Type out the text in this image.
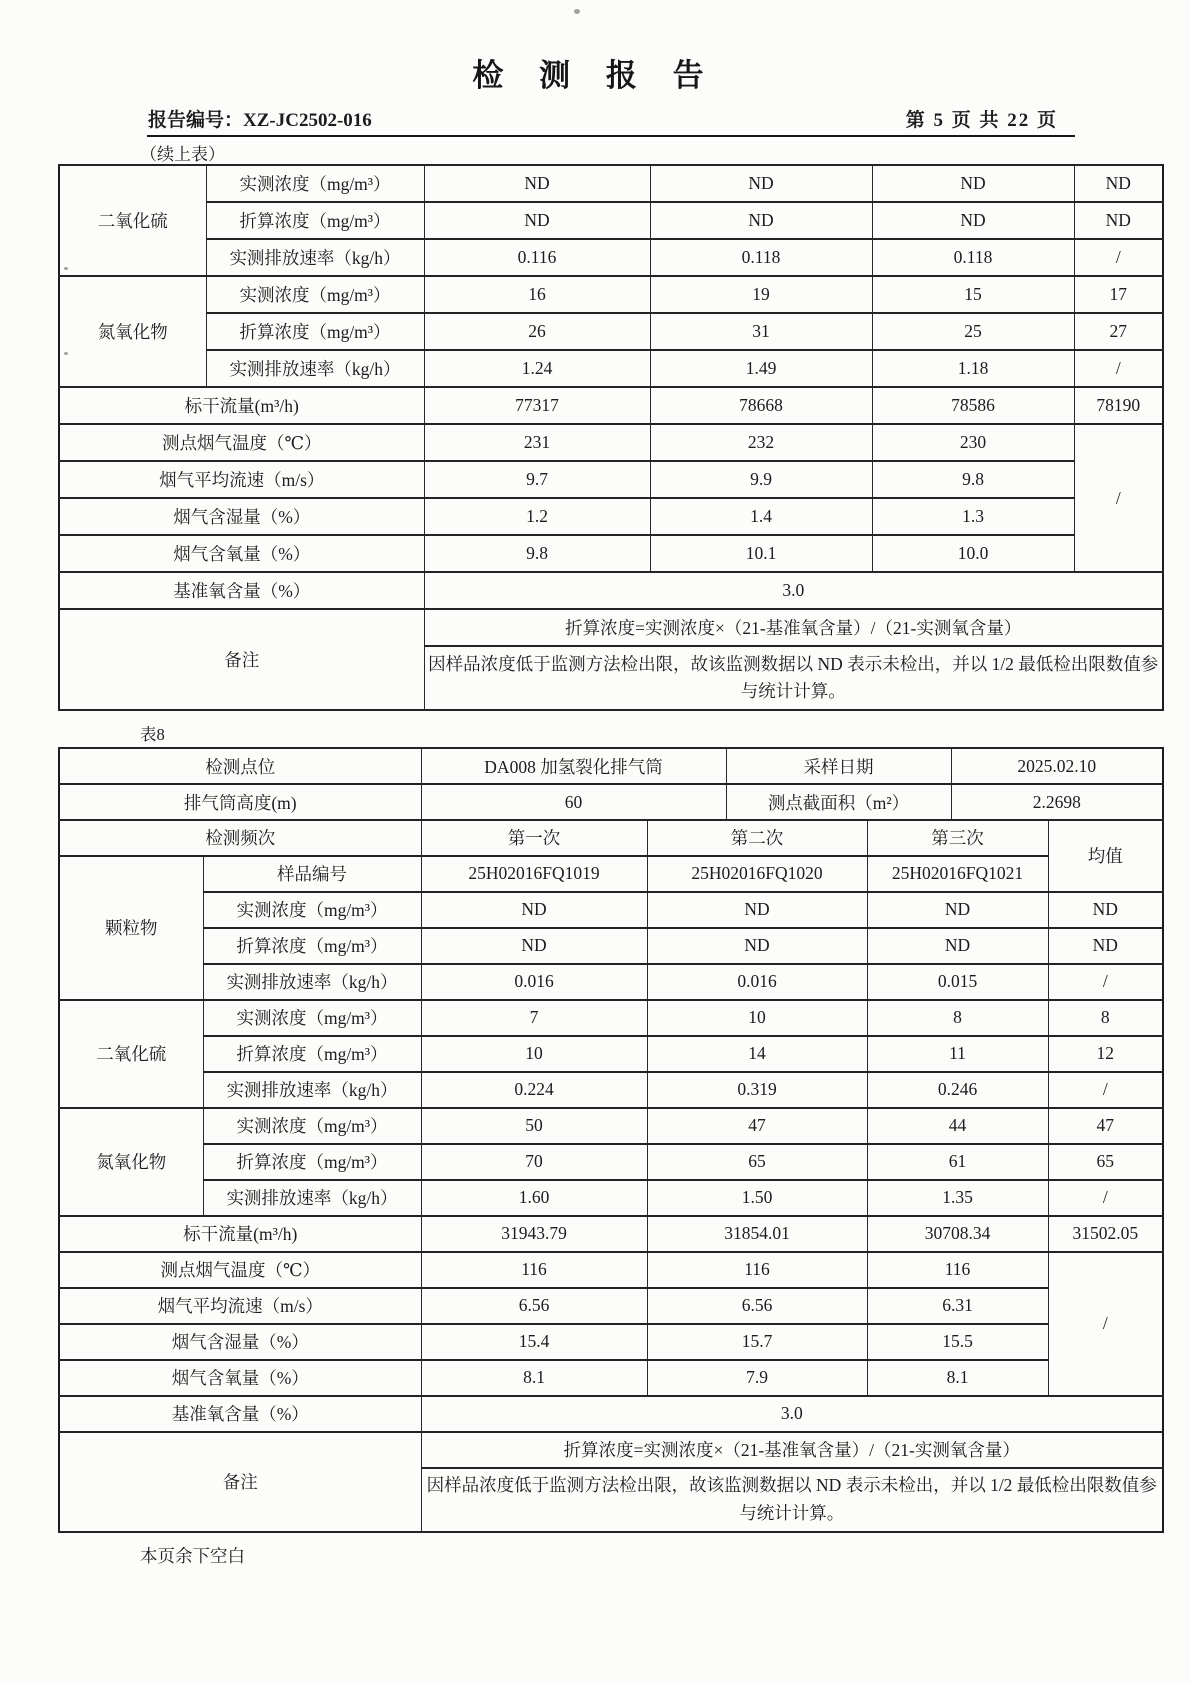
检 测 报 告
报告编号：XZ-JC2502-016	第 5 页 共 22 页
（续上表）
二氧化硫	实测浓度（mg/m³）	ND	ND	ND	ND
	折算浓度（mg/m³）	ND	ND	ND	ND
	实测排放速率（kg/h）	0.116	0.118	0.118	/
氮氧化物	实测浓度（mg/m³）	16	19	15	17
	折算浓度（mg/m³）	26	31	25	27
	实测排放速率（kg/h）	1.24	1.49	1.18	/
标干流量(m³/h)		77317	78668	78586	78190
测点烟气温度（℃）		231	232	230	/
烟气平均流速（m/s）		9.7	9.9	9.8	
烟气含湿量（%）		1.2	1.4	1.3	
烟气含氧量（%）		9.8	10.1	10.0	
基准氧含量（%）		3.0			
备注		折算浓度=实测浓度×（21-基准氧含量）/（21-实测氧含量）			
		因样品浓度低于监测方法检出限，故该监测数据以 ND 表示未检出，并以 1/2 最低检出限数值参与统计计算。			
表8
检测点位	DA008 加氢裂化排气筒	采样日期	2025.02.10
排气筒高度(m)	60	测点截面积（m²）	2.2698
检测频次		第一次	第二次	第三次	均值
颗粒物	样品编号	25H02016FQ1019	25H02016FQ1020	25H02016FQ1021	
	实测浓度（mg/m³）	ND	ND	ND	ND
	折算浓度（mg/m³）	ND	ND	ND	ND
	实测排放速率（kg/h）	0.016	0.016	0.015	/
二氧化硫	实测浓度（mg/m³）	7	10	8	8
	折算浓度（mg/m³）	10	14	11	12
	实测排放速率（kg/h）	0.224	0.319	0.246	/
氮氧化物	实测浓度（mg/m³）	50	47	44	47
	折算浓度（mg/m³）	70	65	61	65
	实测排放速率（kg/h）	1.60	1.50	1.35	/
标干流量(m³/h)		31943.79	31854.01	30708.34	31502.05
测点烟气温度（℃）		116	116	116	/
烟气平均流速（m/s）		6.56	6.56	6.31	
烟气含湿量（%）		15.4	15.7	15.5	
烟气含氧量（%）		8.1	7.9	8.1	
基准氧含量（%）		3.0			
备注		折算浓度=实测浓度×（21-基准氧含量）/（21-实测氧含量）			
		因样品浓度低于监测方法检出限，故该监测数据以 ND 表示未检出，并以 1/2 最低检出限数值参与统计计算。			
本页余下空白
